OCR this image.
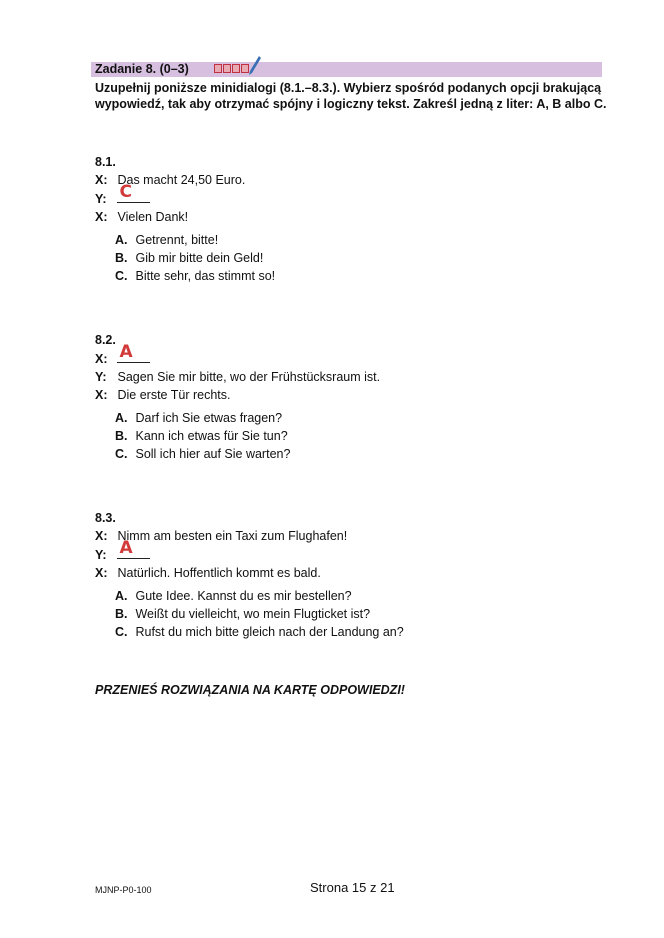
Zadanie 8. (0–3)
Uzupełnij poniższe minidialogi (8.1.–8.3.). Wybierz spośród podanych opcji brakującą wypowiedź, tak aby otrzymać spójny i logiczny tekst. Zakreśl jedną z liter: A, B albo C.
8.1.
X: Das macht 24,50 Euro.
Y: C
X: Vielen Dank!
A. Getrennt, bitte!
B. Gib mir bitte dein Geld!
C. Bitte sehr, das stimmt so!
8.2.
X: A
Y: Sagen Sie mir bitte, wo der Frühstücksraum ist.
X: Die erste Tür rechts.
A. Darf ich Sie etwas fragen?
B. Kann ich etwas für Sie tun?
C. Soll ich hier auf Sie warten?
8.3.
X: Nimm am besten ein Taxi zum Flughafen!
Y: A
X: Natürlich. Hoffentlich kommt es bald.
A. Gute Idee. Kannst du es mir bestellen?
B. Weißt du vielleicht, wo mein Flugticket ist?
C. Rufst du mich bitte gleich nach der Landung an?
PRZENIEŚ ROZWIĄZANIA NA KARTĘ ODPOWIEDZI!
MJNP-P0-100	Strona 15 z 21
